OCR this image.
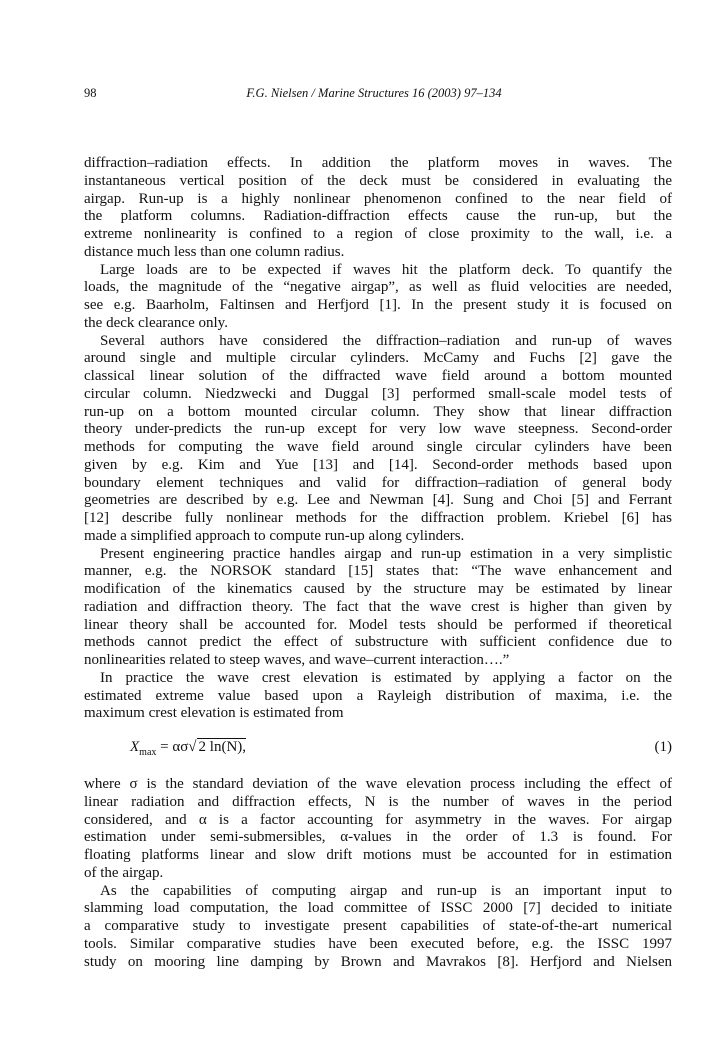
98	F.G. Nielsen / Marine Structures 16 (2003) 97–134
diffraction–radiation effects. In addition the platform moves in waves. The
instantaneous vertical position of the deck must be considered in evaluating the
airgap. Run-up is a highly nonlinear phenomenon confined to the near field of
the platform columns. Radiation-diffraction effects cause the run-up, but the
extreme nonlinearity is confined to a region of close proximity to the wall, i.e. a
distance much less than one column radius.
Large loads are to be expected if waves hit the platform deck. To quantify the
loads, the magnitude of the “negative airgap”, as well as fluid velocities are needed,
see e.g. Baarholm, Faltinsen and Herfjord [1]. In the present study it is focused on
the deck clearance only.
Several authors have considered the diffraction–radiation and run-up of waves
around single and multiple circular cylinders. McCamy and Fuchs [2] gave the
classical linear solution of the diffracted wave field around a bottom mounted
circular column. Niedzwecki and Duggal [3] performed small-scale model tests of
run-up on a bottom mounted circular column. They show that linear diffraction
theory under-predicts the run-up except for very low wave steepness. Second-order
methods for computing the wave field around single circular cylinders have been
given by e.g. Kim and Yue [13] and [14]. Second-order methods based upon
boundary element techniques and valid for diffraction–radiation of general body
geometries are described by e.g. Lee and Newman [4]. Sung and Choi [5] and Ferrant
[12] describe fully nonlinear methods for the diffraction problem. Kriebel [6] has
made a simplified approach to compute run-up along cylinders.
Present engineering practice handles airgap and run-up estimation in a very simplistic
manner, e.g. the NORSOK standard [15] states that: “The wave enhancement and
modification of the kinematics caused by the structure may be estimated by linear
radiation and diffraction theory. The fact that the wave crest is higher than given by
linear theory shall be accounted for. Model tests should be performed if theoretical
methods cannot predict the effect of substructure with sufficient confidence due to
nonlinearities related to steep waves, and wave–current interaction….”
In practice the wave crest elevation is estimated by applying a factor on the
estimated extreme value based upon a Rayleigh distribution of maxima, i.e. the
maximum crest elevation is estimated from
$X_{max} = \alpha\sigma√$ 2 ln(N),	(1)
where σ is the standard deviation of the wave elevation process including the effect of
linear radiation and diffraction effects, N is the number of waves in the period
considered, and α is a factor accounting for asymmetry in the waves. For airgap
estimation under semi-submersibles, α-values in the order of 1.3 is found. For
floating platforms linear and slow drift motions must be accounted for in estimation
of the airgap.
As the capabilities of computing airgap and run-up is an important input to
slamming load computation, the load committee of ISSC 2000 [7] decided to initiate
a comparative study to investigate present capabilities of state-of-the-art numerical
tools. Similar comparative studies have been executed before, e.g. the ISSC 1997
study on mooring line damping by Brown and Mavrakos [8]. Herfjord and Nielsen
